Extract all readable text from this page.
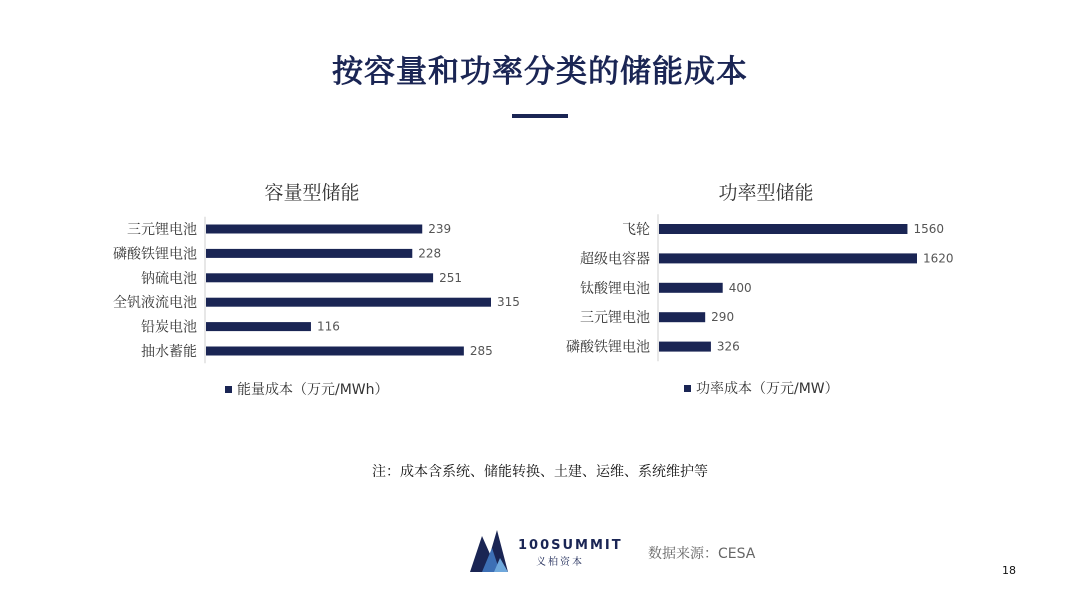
按容量和功率分类的储能成本
容量型储能
三元锂电池	239
磷酸铁锂电池	228
钠硫电池	251
全钒液流电池	315
铅炭电池	116
抽水蓄能	285
能量成本（万元/MWh）
功率型储能
飞轮	1560
超级电容器	1620
钛酸锂电池	400
三元锂电池	290
磷酸铁锂电池	326
功率成本（万元/MW）
注：成本含系统、储能转换、土建、运维、系统维护等
100SUMMIT
义柏资本
数据来源：CESA
18
